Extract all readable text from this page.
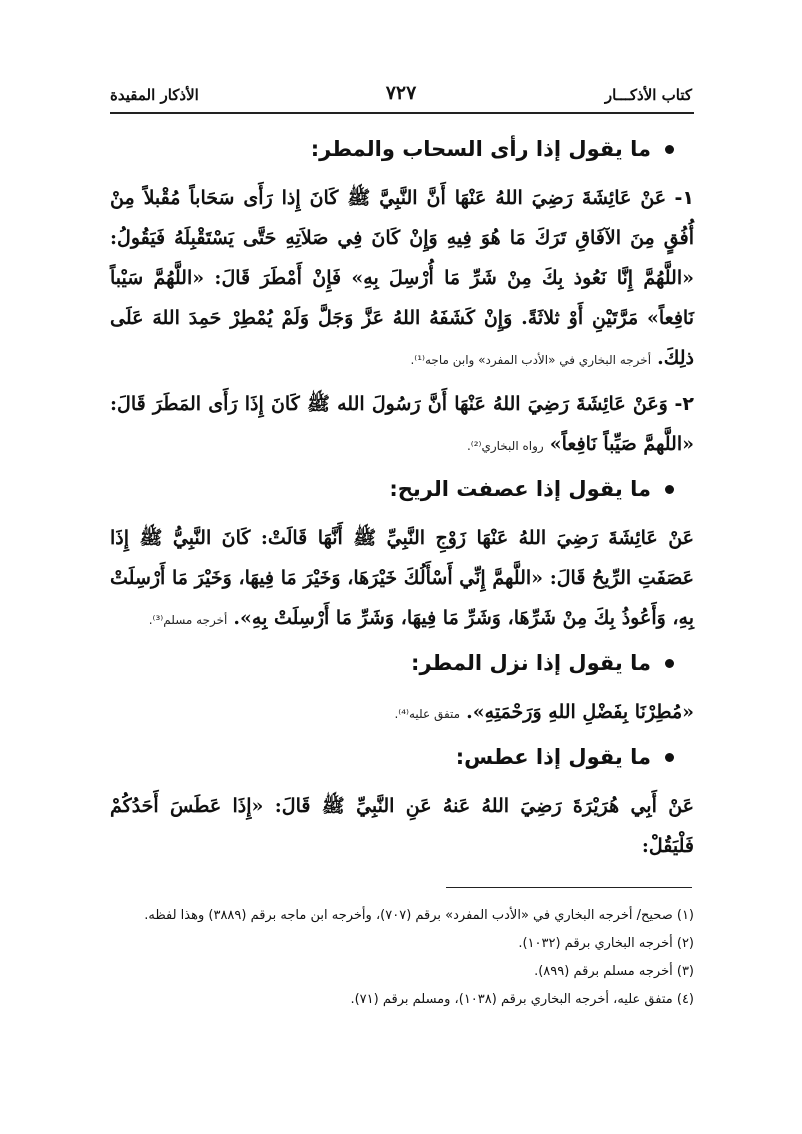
كتاب الأذكـــار
٧٢٧
الأذكار المقيدة
ما يقول إذا رأى السحاب والمطر:

١- عَنْ عَائِشَةَ رَضِيَ اللهُ عَنْهَا أَنَّ النَّبِيَّ ﷺ كَانَ إِذا رَأَى سَحَاباً مُقْبلاً مِنْ أُفُقٍ مِنَ الآفَاقِ تَرَكَ مَا هُوَ فِيهِ وَإِنْ كَانَ فِي صَلاَتِهِ حَتَّى يَسْتَقْبِلَهُ فَيَقُولُ: «اللَّهُمَّ إِنَّا نَعُوذ بِكَ مِنْ شَرِّ مَا أُرْسِلَ بِهِ» فَإِنْ أَمْطَرَ قَالَ: «اللَّهُمَّ سَيْباً نَافِعاً» مَرَّتَيْنِ أَوْ ثلاثَةً. وَإِنْ كَشَفَهُ اللهُ عَزَّ وَجَلَّ وَلَمْ يُمْطِرْ حَمِدَ اللهَ عَلَى ذلِكَ. أخرجه البخاري في «الأدب المفرد» وابن ماجه⁽¹⁾.

٢- وَعَنْ عَائِشَةَ رَضِيَ اللهُ عَنْهَا أَنَّ رَسُولَ الله ﷺ كَانَ إِذَا رَأَى المَطَرَ قَالَ: «اللَّهمَّ صَيِّباً نَافِعاً» رواه البخاري⁽²⁾.

ما يقول إذا عصفت الريح:

عَنْ عَائِشَةَ رَضِيَ اللهُ عَنْهَا زَوْجِ النَّبِيِّ ﷺ أَنَّهَا قَالَتْ: كَانَ النَّبِيُّ ﷺ إِذَا عَصَفَتِ الرِّيحُ قَالَ: «اللَّهمَّ إِنِّي أَسْأَلُكَ خَيْرَهَا، وَخَيْرَ مَا فِيهَا، وَخَيْرَ مَا أَرْسِلَتْ بِهِ، وَأَعُوذُ بِكَ مِنْ شَرِّهَا، وَشَرِّ مَا فِيهَا، وَشَرِّ مَا أَرْسِلَتْ بِهِ». أخرجه مسلم⁽³⁾.

ما يقول إذا نزل المطر:

«مُطِرْنَا بِفَضْلِ اللهِ وَرَحْمَتِهِ». متفق عليه⁽⁴⁾.

ما يقول إذا عطس:

عَنْ أَبِي هُرَيْرَةَ رَضِيَ اللهُ عَنهُ عَنِ النَّبِيِّ ﷺ قَالَ: «إِذَا عَطَسَ أَحَدُكُمْ فَلْيَقُلْ:

(١) صحيح/ أخرجه البخاري في «الأدب المفرد» برقم (٧٠٧)، وأخرجه ابن ماجه برقم (٣٨٨٩) وهذا لفظه.

(٢) أخرجه البخاري برقم (١٠٣٢).

(٣) أخرجه مسلم برقم (٨٩٩).

(٤) متفق عليه، أخرجه البخاري برقم (١٠٣٨)، ومسلم برقم (٧١).
